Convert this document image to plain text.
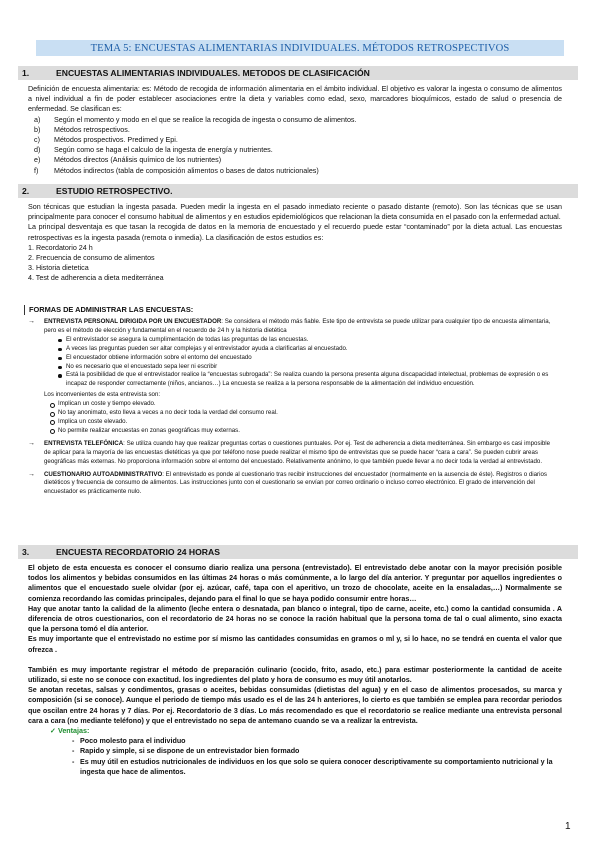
TEMA 5: ENCUESTAS ALIMENTARIAS INDIVIDUALES. MÉTODOS RETROSPECTIVOS
1.	ENCUESTAS ALIMENTARIAS INDIVIDUALES. METODOS DE CLASIFICACIÓN

Definición de encuesta alimentaria: es: Método de recogida de información alimentaria en el ámbito individual. El objetivo es valorar la ingesta o consumo de alimentos a nivel individual a fin de poder establecer asociaciones entre la dieta y variables como edad, sexo, marcadores bioquímicos, estado de salud o presencia de enfermedad. Se clasifican es:

a) Según el momento y modo en el que se realice la recogida de ingesta o consumo de alimentos.
b) Métodos retrospectivos.
c) Métodos prospectivos. Predimed y Epi.
d) Según como se haga el calculo de la ingesta de energía y nutrientes.
e) Métodos directos (Análisis químico de los nutrientes)
f) Métodos indirectos (tabla de composición alimentos o bases de datos nutricionales)
2.	ESTUDIO RETROSPECTIVO.

Son técnicas que estudian la ingesta pasada. Pueden medir la ingesta en el pasado inmediato reciente o pasado distante (remoto). Son las técnicas que se usan principalmente para conocer el consumo habitual de alimentos y en estudios epidemiológicos que relacionan la dieta consumida en el pasado con la enfermedad actual.

La principal desventaja es que tasan la recogida de datos en la memoria de encuestado y el recuerdo puede estar “contaminado” por la dieta actual. Las encuestas retrospectivas es la ingesta pasada (remota o inmedia). La clasificación de estos estudios es:

1. Recordatorio 24 h
2. Frecuencia de consumo de alimentos
3. Historia dietetica
4. Test de adherencia a dieta mediterránea
FORMAS DE ADMINISTRAR LAS ENCUESTAS:
→ ENTREVISTA PERSONAL DIRIGIDA POR UN ENCUESTADOR: Se considera el método más fiable. Este tipo de entrevista se puede utilizar para cualquier tipo de encuesta alimentaria, pero es el método de elección y fundamental en el recuerdo de 24 h y la historia dietética
El entrevistador se asegura la cumplimentación de todas las preguntas de las encuestas.
A veces las preguntas pueden ser altar complejas y el entrevistador ayuda a clarificarlas al encuestado.
El encuestador obtiene información sobre el entorno del encuestado
No es necesario que el encuestado sepa leer ni escribir
Está la posibilidad de que el entrevistador realice la “encuestas subrogada”: Se realiza cuando la persona presenta alguna discapacidad intelectual, problemas de expresión o es incapaz de responder correctamente (niños, ancianos…) La encuesta se realiza a la persona responsable de la alimentación del individuo encuestión.
Los inconvenientes de esta entrevista son:
Implican un coste y tiempo elevado.
No tay anonimato, esto lleva a veces a no decir toda la verdad del consumo real.
Implica un coste elevado.
No permite realizar encuestas en zonas geográficas muy externas.
→ ENTREVISTA TELEFÓNICA: Se utiliza cuando hay que realizar preguntas cortas o cuestiones puntuales. Por ej. Test de adherencia a dieta mediterránea. Sin embargo es casi imposible de aplicar para la mayoría de las encuestas dietéticas ya que por teléfono nose puede realizar el mismo tipo de entrevistas que se puede hacer “cara a cara”. Se pueden cubrir areas geográficas más externas. No proporciona información sobre el entorno del encuestado. Relativamente anónimo, lo que también puede llevar a no decir toda la verdad al entrevistado.
→ CUESTIONARIO AUTOADMINISTRATIVO: El entrevistado es ponde al cuestionario tras recibir instrucciones del encuestador (normalmente en la ausencia de éste). Registros o diarios dietéticos y frecuencia de consumo de alimentos. Las instrucciones junto con el cuestionario se envían por correo ordinario o incluso correo electrónico. El grado de intervención del encuestador es prácticamente nulo.
3.	ENCUESTA RECORDATORIO 24 HORAS

El objeto de esta encuesta es conocer el consumo diario realiza una persona (entrevistado). El entrevistado debe anotar con la mayor precisión posible todos los alimentos y bebidas consumidos en las últimas 24 horas o más comúnmente, a lo largo del día anterior. Y preguntar por aquellos ingredientes o alimentos que el encuestado suele olvidar (por ej. azúcar, café, tapa con el aperitivo, un trozo de chocolate, aceite en la ensaladas,…) Normalmente se comienza recordando las comidas principales, dejando para el final lo que se haya podido consumir entre horas…

Hay que anotar tanto la calidad de la alimento (leche entera o desnatada, pan blanco o integral, tipo de carne, aceite, etc.) como la cantidad consumida . A diferencia de otros cuestionarios, con el recordatorio de 24 horas no se conoce la ración habitual que la persona toma de tal o cual alimento, sino exacta que la persona tomó el día anterior.

Es muy importante que el entrevistado no estime por sí mismo las cantidades consumidas en gramos o ml y, si lo hace, no se tendrá en cuenta el valor que ofrezca .

También es muy importante registrar el método de preparación culinario (cocido, frito, asado, etc.) para estimar posteriormente la cantidad de aceite utilizado, si este no se conoce con exactitud. los ingredientes del plato y hora de consumo es muy útil anotarlos.

Se anotan recetas, salsas y condimentos, grasas o aceites, bebidas consumidas (dietistas del agua) y en el caso de alimentos procesados, su marca y composición (si se conoce). Aunque el periodo de tiempo más usado es el de las 24 h anteriores, lo cierto es que también se emplea para recordar periodos que oscilan entre 24 horas y 7 días. Por ej. Recordatorio de 3 días. Lo más recomendado es que el recordatorio se realice mediante una entrevista personal cara a cara (no mediante teléfono) y que el entrevistado no sepa de antemano cuando se va a realizar la entrevista.

✓ Ventajas:
- Poco molesto para el individuo
- Rapido y simple, si se dispone de un entrevistador bien formado
- Es muy útil en estudios nutricionales de individuos en los que solo se quiera conocer descriptivamente su comportamiento nutricional y la ingesta que hace de alimentos.
1
